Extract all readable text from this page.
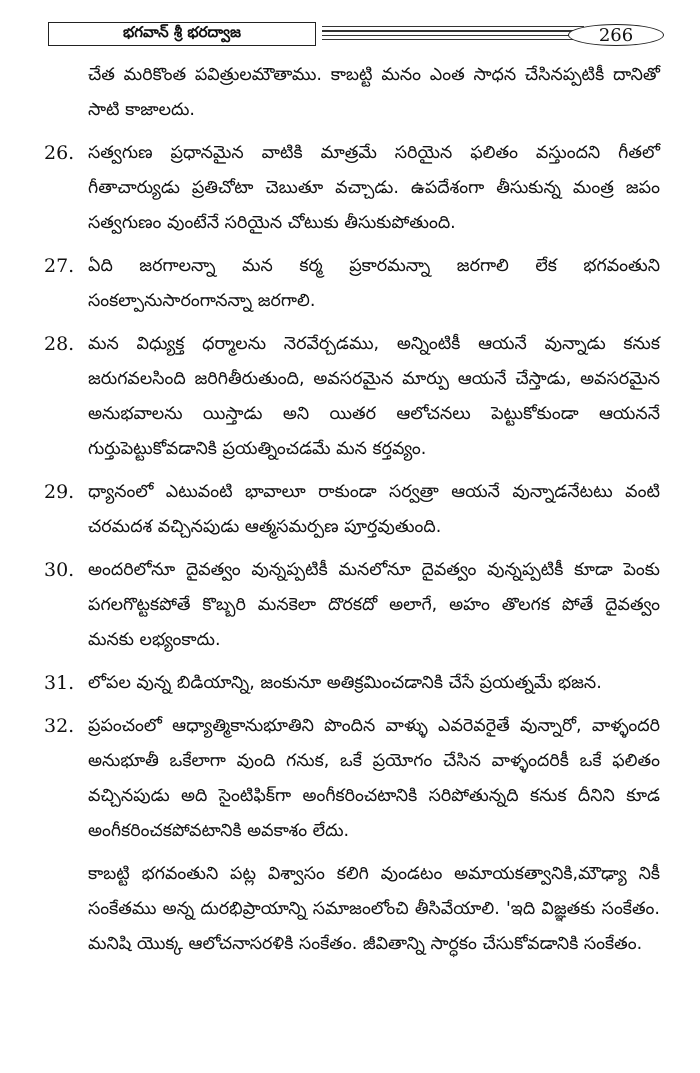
భగవాన్ శ్రీ భరద్వాజ	266
చేత మరికొంత పవిత్రులమౌతాము. కాబట్టి మనం ఎంత సాధన చేసినప్పటికీ దానితో సాటి కాజాలదు.
26. సత్వగుణ ప్రధానమైన వాటికి మాత్రమే సరియైన ఫలితం వస్తుందని గీతలో గీతాచార్యుడు ప్రతిచోటా చెబుతూ వచ్చాడు. ఉపదేశంగా తీసుకున్న మంత్ర జపం సత్వగుణం వుంటేనే సరియైన చోటుకు తీసుకుపోతుంది.
27. ఏది జరగాలన్నా మన కర్మ ప్రకారమన్నా జరగాలి లేక భగవంతుని సంకల్పానుసారంగానన్నా జరగాలి.
28. మన విధ్యుక్త ధర్మాలను నెరవేర్చడము, అన్నింటికీ ఆయనే వున్నాడు కనుక జరుగవలసింది జరిగితీరుతుంది, అవసరమైన మార్పు ఆయనే చేస్తాడు, అవసరమైన అనుభవాలను యిస్తాడు అని యితర ఆలోచనలు పెట్టుకోకుండా ఆయననే గుర్తుపెట్టుకోవడానికి ప్రయత్నించడమే మన కర్తవ్యం.
29. ధ్యానంలో ఎటువంటి భావాలూ రాకుండా సర్వత్రా ఆయనే వున్నాడనేటటు వంటి చరమదశ వచ్చినపుడు ఆత్మసమర్పణ పూర్తవుతుంది.
30. అందరిలోనూ దైవత్వం వున్నప్పటికీ మనలోనూ దైవత్వం వున్నప్పటికీ కూడా పెంకు పగలగొట్టకపోతే కొబ్బరి మనకెలా దొరకదో అలాగే, అహం తొలగక పోతే దైవత్వం మనకు లభ్యంకాదు.
31. లోపల వున్న బిడియాన్ని, జంకునూ అతిక్రమించడానికి చేసే ప్రయత్నమే భజన.
32. ప్రపంచంలో ఆధ్యాత్మికానుభూతిని పొందిన వాళ్ళు ఎవరెవరైతే వున్నారో, వాళ్ళందరి అనుభూతీ ఒకేలాగా వుంది గనుక, ఒకే ప్రయోగం చేసిన వాళ్ళందరికీ ఒకే ఫలితం వచ్చినపుడు అది సైంటిఫిక్‌గా అంగీకరించటానికి సరిపోతున్నది కనుక దీనిని కూడ అంగీకరించకపోవటానికి అవకాశం లేదు.
కాబట్టి భగవంతుని పట్ల విశ్వాసం కలిగి వుండటం అమాయకత్వానికి,మౌఢ్యా నికీ సంకేతము అన్న దురభిప్రాయాన్ని సమాజంలోంచి తీసివేయాలి. 'ఇది విజ్ఞతకు సంకేతం. మనిషి యొక్క ఆలోచనాసరళికి సంకేతం. జీవితాన్ని సార్ధకం చేసుకోవడానికి సంకేతం.
